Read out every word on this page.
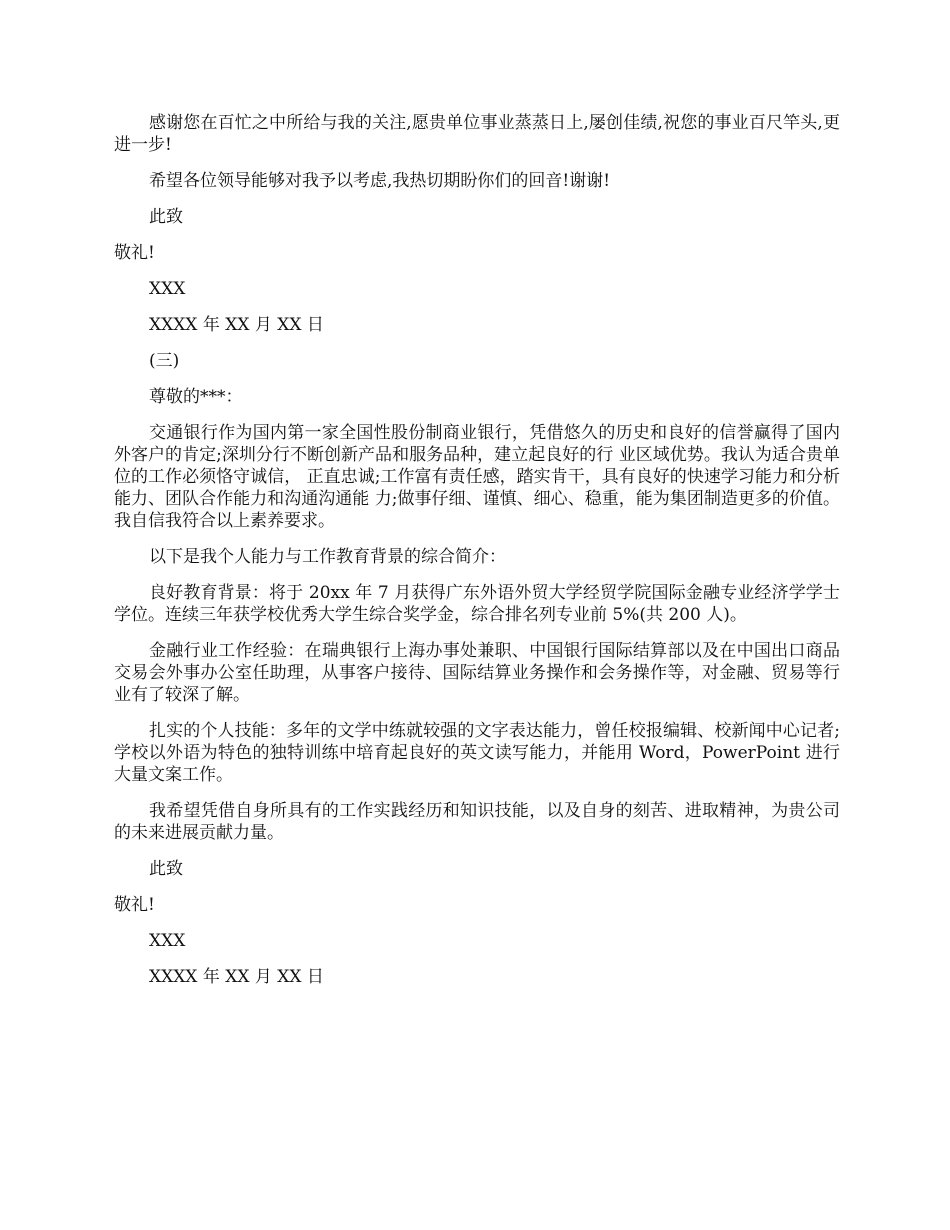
感谢您在百忙之中所给与我的关注,愿贵单位事业蒸蒸日上,屡创佳绩,祝您的事业百尺竿头,更进一步!

希望各位领导能够对我予以考虑,我热切期盼你们的回音!谢谢!

此致

敬礼!

XXX

XXXX 年 XX 月 XX 日

(三)

尊敬的***：

交通银行作为国内第一家全国性股份制商业银行，凭借悠久的历史和良好的信誉赢得了国内外客户的肯定;深圳分行不断创新产品和服务品种，建立起良好的行 业区域优势。我认为适合贵单位的工作必须恪守诚信， 正直忠诚;工作富有责任感，踏实肯干，具有良好的快速学习能力和分析能力、团队合作能力和沟通沟通能 力;做事仔细、谨慎、细心、稳重，能为集团制造更多的价值。我自信我符合以上素养要求。

以下是我个人能力与工作教育背景的综合简介：

良好教育背景：将于 20xx 年 7 月获得广东外语外贸大学经贸学院国际金融专业经济学学士学位。连续三年获学校优秀大学生综合奖学金，综合排名列专业前 5%(共 200 人)。

金融行业工作经验：在瑞典银行上海办事处兼职、中国银行国际结算部以及在中国出口商品交易会外事办公室任助理，从事客户接待、国际结算业务操作和会务操作等，对金融、贸易等行业有了较深了解。

扎实的个人技能：多年的文学中练就较强的文字表达能力，曾任校报编辑、校新闻中心记者;学校以外语为特色的独特训练中培育起良好的英文读写能力，并能用 Word，PowerPoint 进行大量文案工作。

我希望凭借自身所具有的工作实践经历和知识技能，以及自身的刻苦、进取精神，为贵公司的未来进展贡献力量。

此致

敬礼!

XXX

XXXX 年 XX 月 XX 日
